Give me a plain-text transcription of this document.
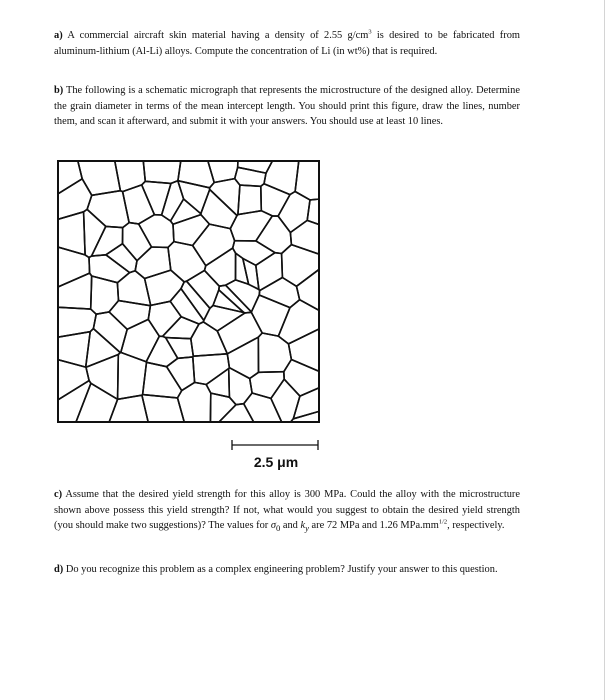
a) A commercial aircraft skin material having a density of 2.55 $g/cm^3$ is desired to be fabricated from aluminum-lithium (Al-Li) alloys. Compute the concentration of Li (in wt%) that is required.

b) The following is a schematic micrograph that represents the microstructure of the designed alloy. Determine the grain diameter in terms of the mean intercept length. You should print this figure, draw the lines, number them, and scan it afterward, and submit it with your answers. You should use at least 10 lines.

2.5 μm

c) Assume that the desired yield strength for this alloy is 300 MPa. Could the alloy with the microstructure shown above possess this yield strength? If not, what would you suggest to obtain the desired yield strength (you should make two suggestions)? The values for $\sigma_0$ and $k_y$ are 72 MPa and 1.26 $MPa.mm^{1/2}$, respectively.

d) Do you recognize this problem as a complex engineering problem? Justify your answer to this question.
